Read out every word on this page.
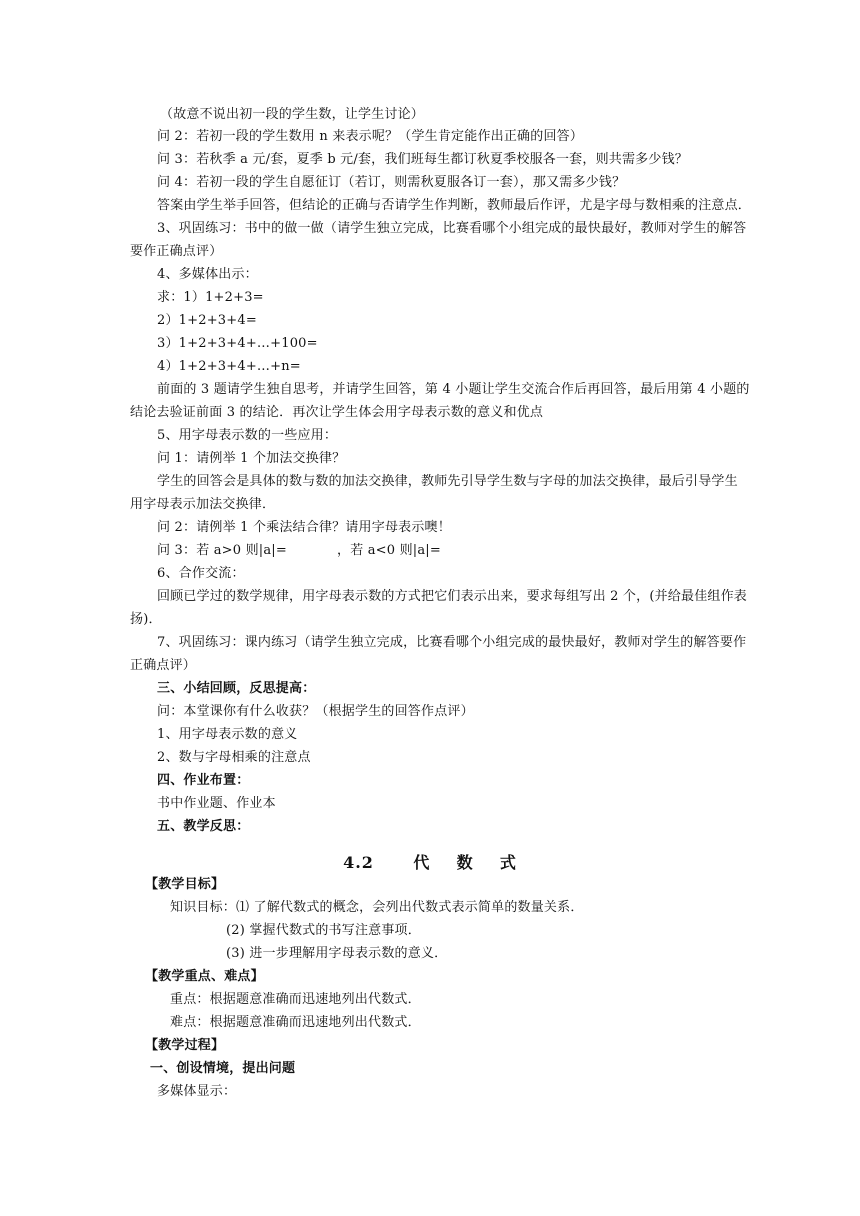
（故意不说出初一段的学生数，让学生讨论）
问 2：若初一段的学生数用 n 来表示呢？（学生肯定能作出正确的回答）
问 3：若秋季 a 元/套，夏季 b 元/套，我们班每生都订秋夏季校服各一套，则共需多少钱？
问 4：若初一段的学生自愿征订（若订，则需秋夏服各订一套），那又需多少钱？
答案由学生举手回答，但结论的正确与否请学生作判断，教师最后作评，尤是字母与数相乘的注意点．
3、巩固练习：书中的做一做（请学生独立完成，比赛看哪个小组完成的最快最好，教师对学生的解答
要作正确点评）
4、多媒体出示：
求：1）1+2+3=
2）1+2+3+4=
3）1+2+3+4+…+100=
4）1+2+3+4+…+n=
前面的 3 题请学生独自思考，并请学生回答，第 4 小题让学生交流合作后再回答，最后用第 4 小题的
结论去验证前面 3 的结论．再次让学生体会用字母表示数的意义和优点
5、用字母表示数的一些应用：
问 1：请例举 1 个加法交换律？
学生的回答会是具体的数与数的加法交换律，教师先引导学生数与字母的加法交换律，最后引导学生
用字母表示加法交换律．
问 2：请例举 1 个乘法结合律？请用字母表示噢！
问 3：若 a>0 则|a|=	，若 a<0 则|a|=
6、合作交流：
回顾已学过的数学规律，用字母表示数的方式把它们表示出来，要求每组写出 2 个，(并给最佳组作表
扬)．
7、巩固练习：课内练习（请学生独立完成，比赛看哪个小组完成的最快最好，教师对学生的解答要作
正确点评）
三、小结回顾，反思提高：
问：本堂课你有什么收获？（根据学生的回答作点评）
1、用字母表示数的意义
2、数与字母相乘的注意点
四、作业布置：
书中作业题、作业本
五、教学反思：
4.2      代    数    式
【教学目标】
知识目标：⑴ 了解代数式的概念，会列出代数式表示简单的数量关系．
(2) 掌握代数式的书写注意事项．
(3) 进一步理解用字母表示数的意义．
【教学重点、难点】
重点：根据题意准确而迅速地列出代数式．
难点：根据题意准确而迅速地列出代数式．
【教学过程】
一、创设情境，提出问题
多媒体显示：
